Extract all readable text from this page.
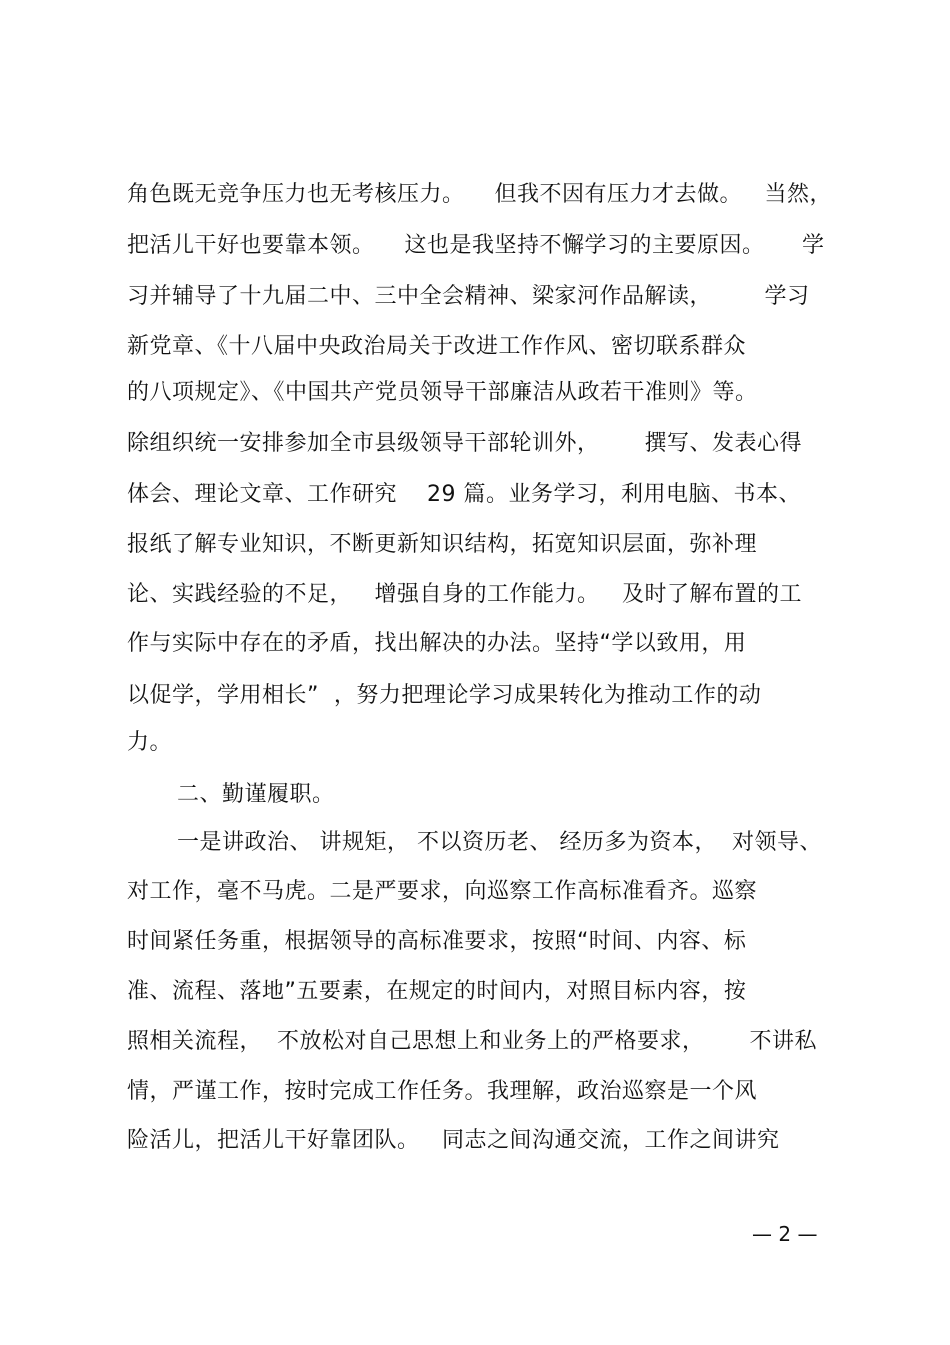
角色既无竞争压力也无考核压力。    但我不因有压力才去做。   当然，
把活儿干好也要靠本领。    这也是我坚持不懈学习的主要原因。     学
习并辅导了十九届二中、三中全会精神、梁家河作品解读，       学习
新党章、《十八届中央政治局关于改进工作作风、密切联系群众
的八项规定》、《中国共产党员领导干部廉洁从政若干准则》等。
除组织统一安排参加全市县级领导干部轮训外，      撰写、发表心得
体会、理论文章、工作研究    29 篇。业务学习，利用电脑、书本、
报纸了解专业知识，不断更新知识结构，拓宽知识层面，弥补理
论、实践经验的不足，   增强自身的工作能力。   及时了解布置的工
作与实际中存在的矛盾，找出解决的办法。坚持“学以致用，用
以促学，学用相长”  ，努力把理论学习成果转化为推动工作的动
力。
二、勤谨履职。
一是讲政治、 讲规矩， 不以资历老、 经历多为资本，  对领导、
对工作，毫不马虎。二是严要求，向巡察工作高标准看齐。巡察
时间紧任务重，根据领导的高标准要求，按照“时间、内容、标
准、流程、落地”五要素，在规定的时间内，对照目标内容，按
照相关流程，  不放松对自己思想上和业务上的严格要求，      不讲私
情，严谨工作，按时完成工作任务。我理解，政治巡察是一个风
险活儿，把活儿干好靠团队。   同志之间沟通交流，工作之间讲究
— 2 —
